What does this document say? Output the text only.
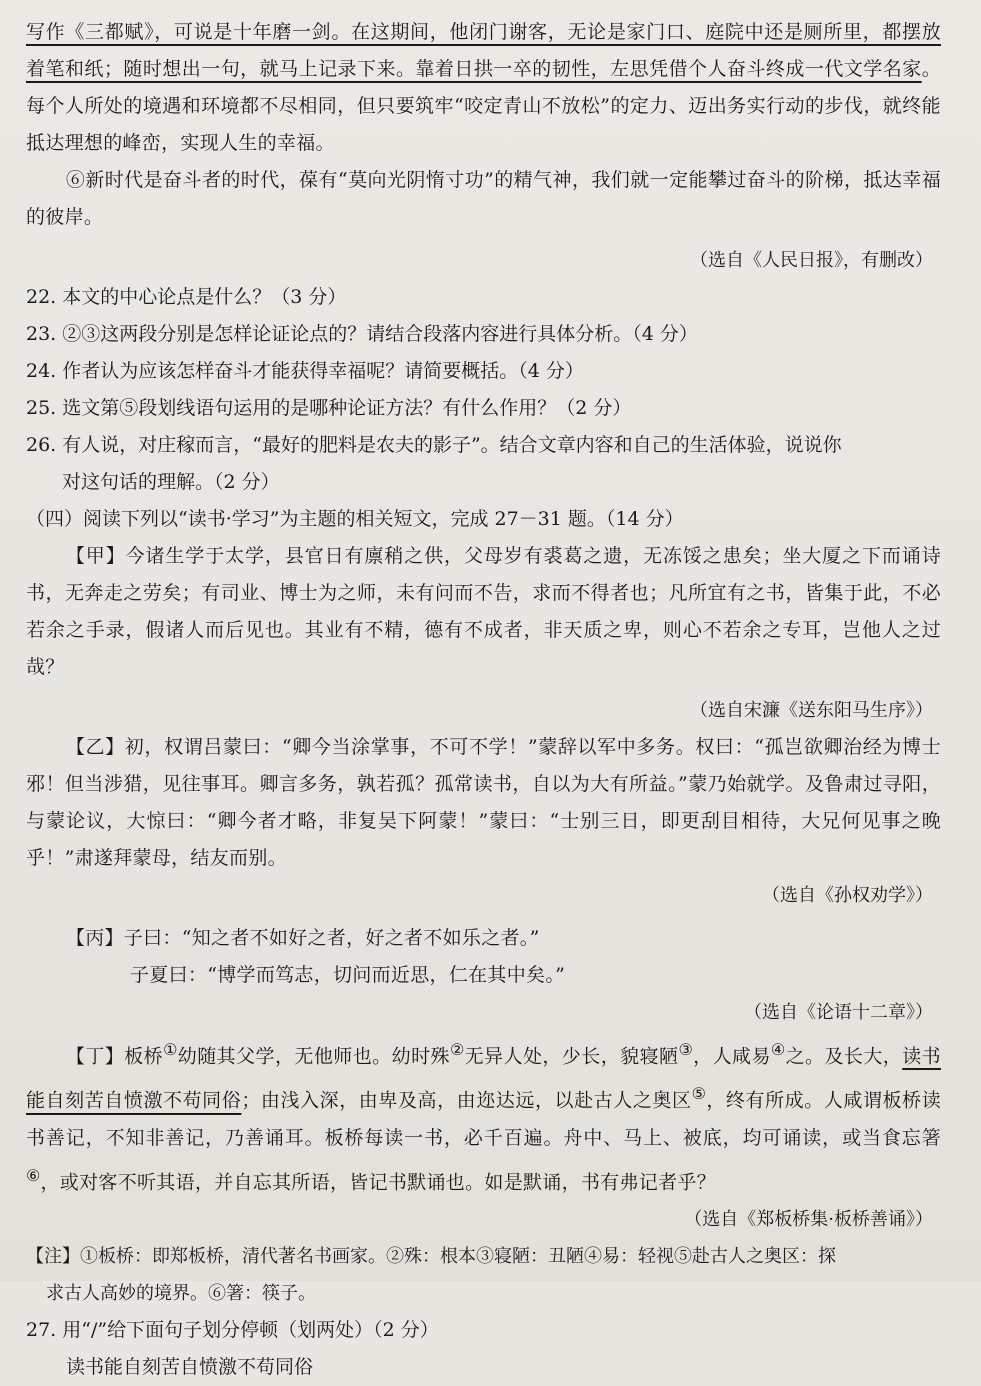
写作《三都赋》，可说是十年磨一剑。在这期间，他闭门谢客，无论是家门口、庭院中还是厕所里，都摆放着笔和纸；随时想出一句，就马上记录下来。靠着日拱一卒的韧性，左思凭借个人奋斗终成一代文学名家。每个人所处的境遇和环境都不尽相同，但只要筑牢“咬定青山不放松”的定力、迈出务实行动的步伐，就终能抵达理想的峰峦，实现人生的幸福。

⑥新时代是奋斗者的时代，葆有“莫向光阴惰寸功”的精气神，我们就一定能攀过奋斗的阶梯，抵达幸福的彼岸。

（选自《人民日报》，有删改）

22. 本文的中心论点是什么？（3 分）

23. ②③这两段分别是怎样论证论点的？请结合段落内容进行具体分析。（4 分）

24. 作者认为应该怎样奋斗才能获得幸福呢？请简要概括。（4 分）

25. 选文第⑤段划线语句运用的是哪种论证方法？有什么作用？（2 分）

26. 有人说，对庄稼而言，“最好的肥料是农夫的影子”。结合文章内容和自己的生活体验，说说你
对这句话的理解。（2 分）

（四）阅读下列以“读书·学习”为主题的相关短文，完成 27－31 题。（14 分）

【甲】今诸生学于太学，县官日有廪稍之供，父母岁有裘葛之遗，无冻馁之患矣；坐大厦之下而诵诗书，无奔走之劳矣；有司业、博士为之师，未有问而不告，求而不得者也；凡所宜有之书，皆集于此，不必若余之手录，假诸人而后见也。其业有不精，德有不成者，非天质之卑，则心不若余之专耳，岂他人之过哉？

（选自宋濂《送东阳马生序》）

【乙】初，权谓吕蒙曰：“卿今当涂掌事，不可不学！”蒙辞以军中多务。权曰：“孤岂欲卿治经为博士邪！但当涉猎，见往事耳。卿言多务，孰若孤？孤常读书，自以为大有所益。”蒙乃始就学。及鲁肃过寻阳，与蒙论议，大惊曰：“卿今者才略，非复吴下阿蒙！”蒙曰：“士别三日，即更刮目相待，大兄何见事之晚乎！”肃遂拜蒙母，结友而别。

（选自《孙权劝学》）

【丙】子曰：“知之者不如好之者，好之者不如乐之者。”

子夏曰：“博学而笃志，切问而近思，仁在其中矣。”

（选自《论语十二章》）

【丁】板桥①幼随其父学，无他师也。幼时殊②无异人处，少长，貌寝陋③，人咸易④之。及长大，读书能自刻苦自愤激不苟同俗；由浅入深，由卑及高，由迩达远，以赴古人之奥区⑤，终有所成。人咸谓板桥读书善记，不知非善记，乃善诵耳。板桥每读一书，必千百遍。舟中、马上、被底，均可诵读，或当食忘箸⑥，或对客不听其语，并自忘其所语，皆记书默诵也。如是默诵，书有弗记者乎？

（选自《郑板桥集·板桥善诵》）

【注】①板桥：即郑板桥，清代著名书画家。②殊：根本③寝陋：丑陋④易：轻视⑤赴古人之奥区：探

求古人高妙的境界。⑥箸：筷子。

27. 用“/”给下面句子划分停顿（划两处）（2 分）

读书能自刻苦自愤激不苟同俗
